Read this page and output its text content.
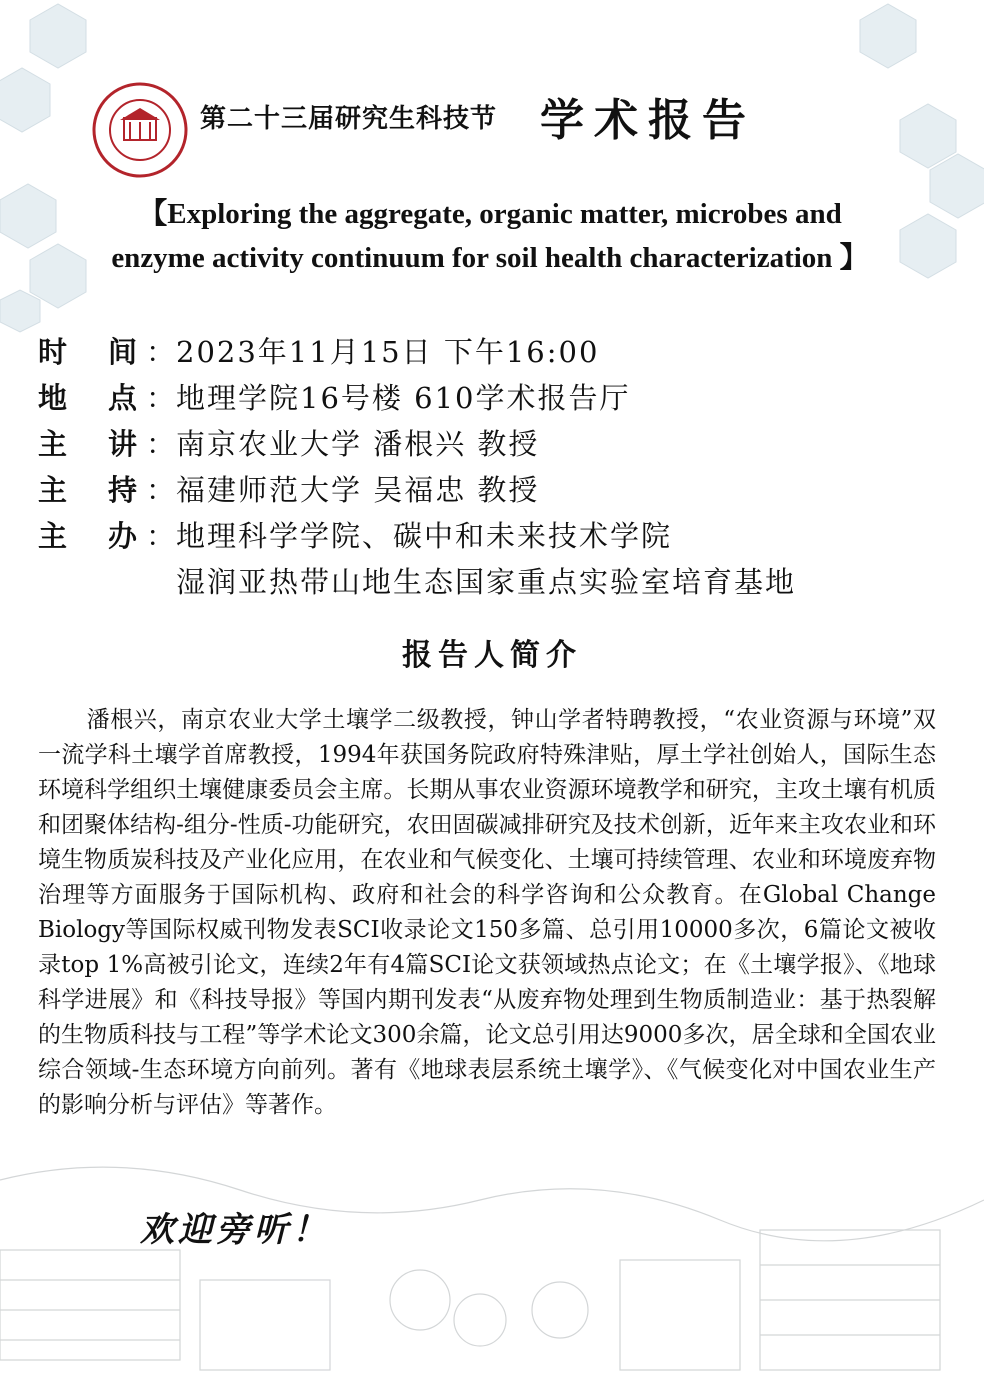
第二十三届研究生科技节 学术报告
【Exploring the aggregate, organic matter, microbes and
enzyme activity continuum for soil health characterization 】
时	间 ：
2023年11月15日 下午16:00
地	点 ：
地理学院16号楼 610学术报告厅
主	讲 ：
南京农业大学 潘根兴 教授
主	持 ：
福建师范大学 吴福忠 教授
主	办 ：
地理科学学院、碳中和未来技术学院
湿润亚热带山地生态国家重点实验室培育基地
报告人简介
潘根兴，南京农业大学土壤学二级教授，钟山学者特聘教授，“农业资源与环境”双一流学科土壤学首席教授，1994年获国务院政府特殊津贴，厚土学社创始人，国际生态环境科学组织土壤健康委员会主席。长期从事农业资源环境教学和研究，主攻土壤有机质和团聚体结构-组分-性质-功能研究，农田固碳减排研究及技术创新，近年来主攻农业和环境生物质炭科技及产业化应用，在农业和气候变化、土壤可持续管理、农业和环境废弃物治理等方面服务于国际机构、政府和社会的科学咨询和公众教育。在Global Change Biology等国际权威刊物发表SCI收录论文150多篇、总引用10000多次，6篇论文被收录top 1%高被引论文，连续2年有4篇SCI论文获领域热点论文；在《土壤学报》、《地球科学进展》和《科技导报》等国内期刊发表“从废弃物处理到生物质制造业：基于热裂解的生物质科技与工程”等学术论文300余篇，论文总引用达9000多次，居全球和全国农业综合领域-生态环境方向前列。著有《地球表层系统土壤学》、《气候变化对中国农业生产的影响分析与评估》等著作。
欢迎旁听！
